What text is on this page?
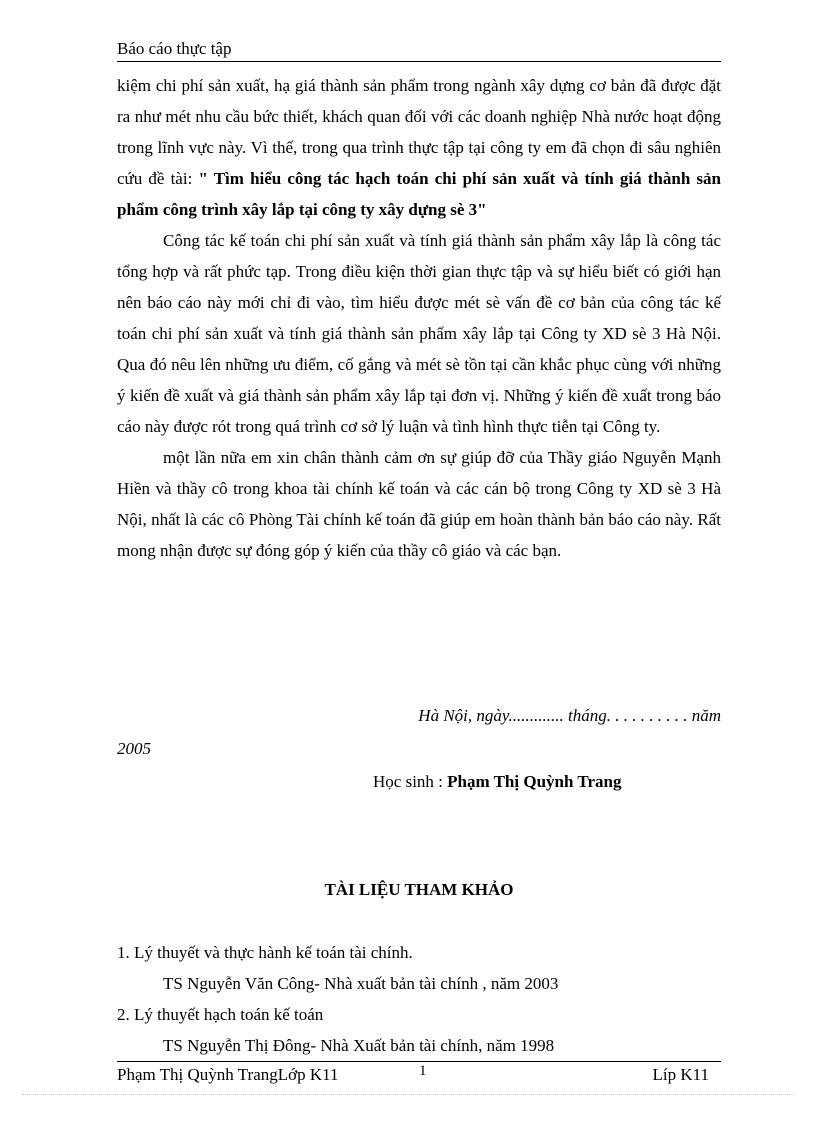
Báo cáo thực tập

kiệm chi phí sản xuất, hạ giá thành sản phẩm trong ngành xây dựng cơ bản đã được đặt ra như mét nhu cầu bức thiết, khách quan đối với các doanh nghiệp Nhà nước hoạt động trong lĩnh vực này. Vì thế, trong qua trình thực tập tại công ty em đã chọn đi sâu nghiên cứu đề tài: " Tìm hiểu công tác hạch toán chi phí sản xuất và tính giá thành sản phẩm công trình xây lắp tại công ty xây dựng sè 3"

Công tác kế toán chi phí sản xuất và tính giá thành sản phẩm xây lắp là công tác tổng hợp và rất phức tạp. Trong điều kiện thời gian thực tập và sự hiểu biết có giới hạn nên báo cáo này mới chỉ đi vào, tìm hiểu được mét sè vấn đề cơ bản của công tác kế toán chi phí sản xuất và tính giá thành sản phẩm xây lắp tại Công ty XD sè 3 Hà Nội. Qua đó nêu lên những ưu điểm, cố gắng và mét sè tồn tại cần khắc phục cùng với những ý kiến đề xuất và giá thành sản phẩm xây lắp tại đơn vị. Những ý kiến đề xuất trong báo cáo này được rót trong quá trình cơ sở lý luận và tình hình thực tiễn tại Công ty.

một lần nữa em xin chân thành cảm ơn sự giúp đỡ của Thầy giáo Nguyễn Mạnh Hiền và thầy cô trong khoa tài chính kế toán và các cán bộ trong Công ty XD sè 3 Hà Nội, nhất là các cô Phòng Tài chính kế toán đã giúp em hoàn thành bản báo cáo này. Rất mong nhận được sự đóng góp ý kiến của thầy cô giáo và các bạn.

Hà Nội, ngày............. tháng. . . . . . . . . . năm
2005
Học sinh : Phạm Thị Quỳnh Trang
TÀI LIỆU THAM KHẢO
1. Lý thuyết và thực hành kế toán tài chính.
TS Nguyễn Văn Công- Nhà xuất bản tài chính , năm 2003
2. Lý thuyết hạch toán kế toán
TS Nguyễn Thị Đông- Nhà Xuất bản tài chính, năm 1998
Phạm Thị Quỳnh TrangLớp K11	1	Líp K11
